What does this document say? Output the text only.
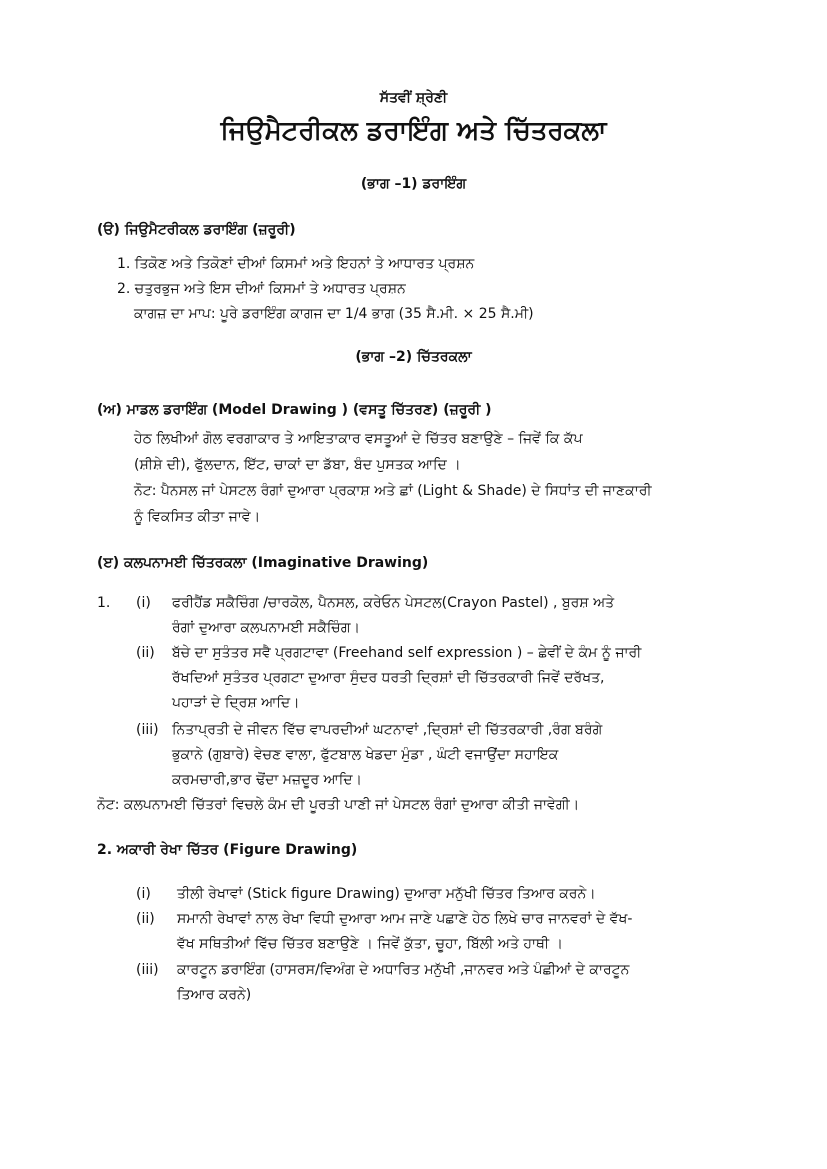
ਸੱਤਵੀਂ ਸ਼੍ਰੇਣੀ
ਜਿਉਮੈਟਰੀਕਲ ਡਰਾਇੰਗ ਅਤੇ ਚਿੱਤਰਕਲਾ
(ਭਾਗ –1) ਡਰਾਇੰਗ
(ੳ) ਜਿਉਮੈਟਰੀਕਲ ਡਰਾਇੰਗ (ਜ਼ਰੂਰੀ)
1. ਤਿਕੋਣ ਅਤੇ ਤਿਕੋਣਾਂ ਦੀਆਂ ਕਿਸਮਾਂ ਅਤੇ ਇਹਨਾਂ ਤੇ ਆਧਾਰਤ ਪ੍ਰਸ਼ਨ
2. ਚਤੁਰਭੁਜ ਅਤੇ ਇਸ ਦੀਆਂ ਕਿਸਮਾਂ ਤੇ ਅਧਾਰਤ ਪ੍ਰਸ਼ਨ
ਕਾਗਜ਼ ਦਾ ਮਾਪ: ਪੂਰੇ ਡਰਾਇੰਗ ਕਾਗਜ ਦਾ 1/4 ਭਾਗ (35 ਸੈ.ਮੀ. × 25 ਸੈ.ਮੀ)
(ਭਾਗ –2) ਚਿੱਤਰਕਲਾ
(ਅ) ਮਾਡਲ ਡਰਾਇੰਗ (Model Drawing ) (ਵਸਤੂ ਚਿੱਤਰਣ) (ਜ਼ਰੂਰੀ )
ਹੇਠ ਲਿਖੀਆਂ ਗੋਲ ਵਰਗਾਕਾਰ ਤੇ ਆਇਤਾਕਾਰ ਵਸਤੂਆਂ ਦੇ ਚਿੱਤਰ ਬਣਾਉਣੇ – ਜਿਵੇਂ ਕਿ ਕੱਪ
(ਸ਼ੀਸ਼ੇ ਦੀ), ਫੁੱਲਦਾਨ, ਇੱਟ, ਚਾਕਾਂ ਦਾ ਡੱਬਾ, ਬੰਦ ਪੁਸਤਕ ਆਦਿ ।
ਨੋਟ: ਪੈਨਸਲ ਜਾਂ ਪੇਸਟਲ ਰੰਗਾਂ ਦੁਆਰਾ ਪ੍ਰਕਾਸ਼ ਅਤੇ ਛਾਂ (Light & Shade) ਦੇ ਸਿਧਾਂਤ ਦੀ ਜਾਣਕਾਰੀ
ਨੂੰ ਵਿਕਸਿਤ ਕੀਤਾ ਜਾਵੇ।
(ੲ) ਕਲਪਨਾਮਈ ਚਿੱਤਰਕਲਾ (Imaginative Drawing)
1. (i) ਫਰੀਹੈਂਡ ਸਕੈਚਿੰਗ /ਚਾਰਕੋਲ, ਪੈਨਸਲ, ਕਰੇਓਨ ਪੇਸਟਲ(Crayon Pastel) , ਬੁਰਸ਼ ਅਤੇ
ਰੰਗਾਂ ਦੁਆਰਾ ਕਲਪਨਾਮਈ ਸਕੈਚਿੰਗ।
(ii) ਬੱਚੇ ਦਾ ਸੁਤੰਤਰ ਸਵੈ ਪ੍ਰਗਟਾਵਾ (Freehand self expression ) – ਛੇਵੀਂ ਦੇ ਕੰਮ ਨੂੰ ਜਾਰੀ
ਰੱਖਦਿਆਂ ਸੁਤੰਤਰ ਪ੍ਰਗਟਾ ਦੁਆਰਾ ਸੁੰਦਰ ਧਰਤੀ ਦ੍ਰਿਸ਼ਾਂ ਦੀ ਚਿੱਤਰਕਾਰੀ ਜਿਵੇਂ ਦਰੱਖਤ,
ਪਹਾੜਾਂ ਦੇ ਦ੍ਰਿਸ਼ ਆਦਿ।
(iii) ਨਿਤਾਪ੍ਰਤੀ ਦੇ ਜੀਵਨ ਵਿੱਚ ਵਾਪਰਦੀਆਂ ਘਟਨਾਵਾਂ ,ਦ੍ਰਿਸ਼ਾਂ ਦੀ ਚਿੱਤਰਕਾਰੀ ,ਰੰਗ ਬਰੰਗੇ
ਭੁਕਾਨੇ (ਗੁਬਾਰੇ) ਵੇਚਣ ਵਾਲਾ, ਫੁੱਟਬਾਲ ਖੇਡਦਾ ਮੁੰਡਾ , ਘੰਟੀ ਵਜਾਉਂਦਾ ਸਹਾਇਕ
ਕਰਮਚਾਰੀ,ਭਾਰ ਢੋਂਦਾ ਮਜ਼ਦੂਰ ਆਦਿ।
ਨੋਟ: ਕਲਪਨਾਮਈ ਚਿੱਤਰਾਂ ਵਿਚਲੇ ਕੰਮ ਦੀ ਪੂਰਤੀ ਪਾਣੀ ਜਾਂ ਪੇਸਟਲ ਰੰਗਾਂ ਦੁਆਰਾ ਕੀਤੀ ਜਾਵੇਗੀ।
2. ਅਕਾਰੀ ਰੇਖਾ ਚਿੱਤਰ (Figure Drawing)
(i) ਤੀਲੀ ਰੇਖਾਵਾਂ (Stick figure Drawing) ਦੁਆਰਾ ਮਨੁੱਖੀ ਚਿੱਤਰ ਤਿਆਰ ਕਰਨੇ।
(ii) ਸਮਾਨੀ ਰੇਖਾਵਾਂ ਨਾਲ ਰੇਖਾ ਵਿਧੀ ਦੁਆਰਾ ਆਮ ਜਾਣੇ ਪਛਾਣੇ ਹੇਠ ਲਿਖੇ ਚਾਰ ਜਾਨਵਰਾਂ ਦੇ ਵੱਖ-
ਵੱਖ ਸਥਿਤੀਆਂ ਵਿੱਚ ਚਿੱਤਰ ਬਣਾਉਣੇ । ਜਿਵੇਂ ਕੁੱਤਾ, ਚੂਹਾ, ਬਿੱਲੀ ਅਤੇ ਹਾਥੀ ।
(iii) ਕਾਰਟੂਨ ਡਰਾਇੰਗ (ਹਾਸਰਸ/ਵਿਅੰਗ ਦੇ ਅਧਾਰਿਤ ਮਨੁੱਖੀ ,ਜਾਨਵਰ ਅਤੇ ਪੰਛੀਆਂ ਦੇ ਕਾਰਟੂਨ
ਤਿਆਰ ਕਰਨੇ)
